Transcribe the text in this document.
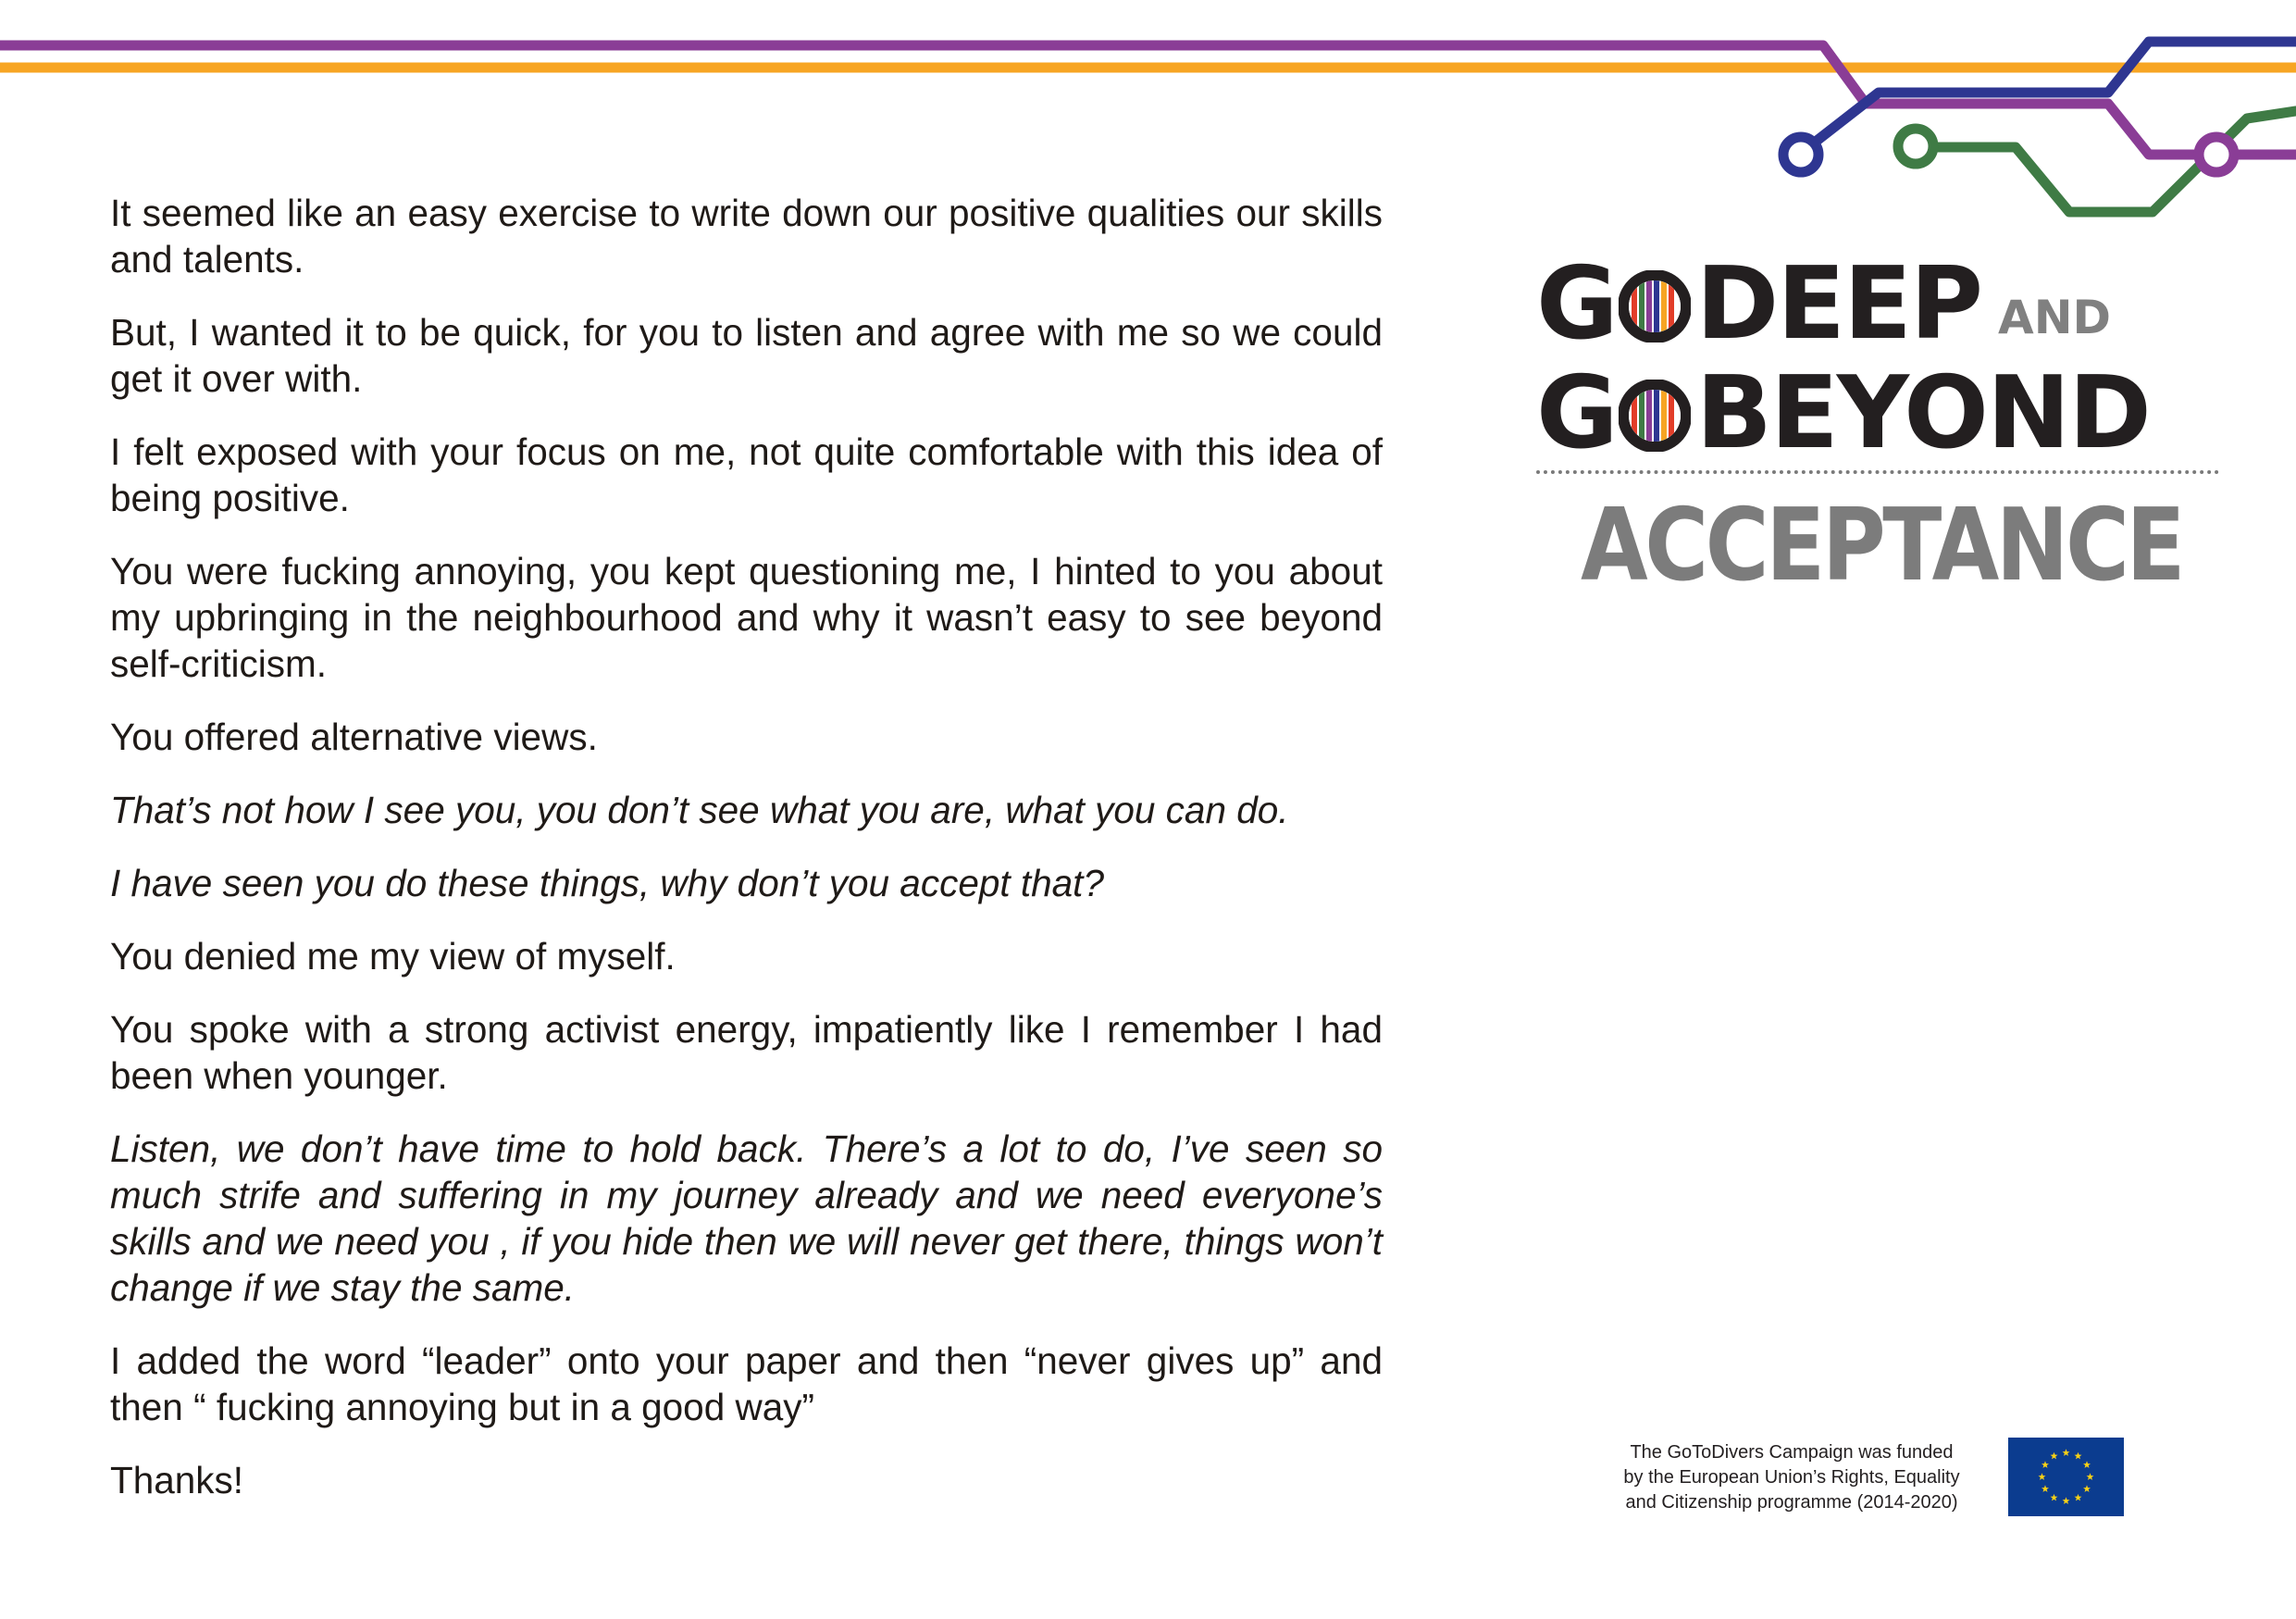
It seemed like an easy exercise to write down our positive qualities our skills and talents.

But, I wanted it to be quick, for you to listen and agree with me so we could get it over with.

I felt exposed with your focus on me, not quite comfortable with this idea of being positive.

You were fucking annoying, you kept questioning me, I hinted to you about my upbringing in the neighbourhood and why it wasn’t easy to see beyond self-criticism.

You offered alternative views.

That’s not how I see you, you don’t see what you are, what you can do.

I have seen you do these things, why don’t you accept that?

You denied me my view of myself.

You spoke with a strong activist energy, impatiently like I remember I had been when younger.

Listen, we don’t have time to hold back. There’s a lot to do, I’ve seen so much strife and suffering in my journey already and we need everyone’s skills and we need you , if you hide then we will never get there, things won’t change if we stay the same.

I added the word “leader” onto your paper and then “never gives up” and then “ fucking annoying but in a good way”

Thanks!

G DEEP AND
G BEYOND
ACCEPTANCE
The GoToDivers Campaign was funded
by the European Union’s Rights, Equality
and Citizenship programme (2014-2020)
